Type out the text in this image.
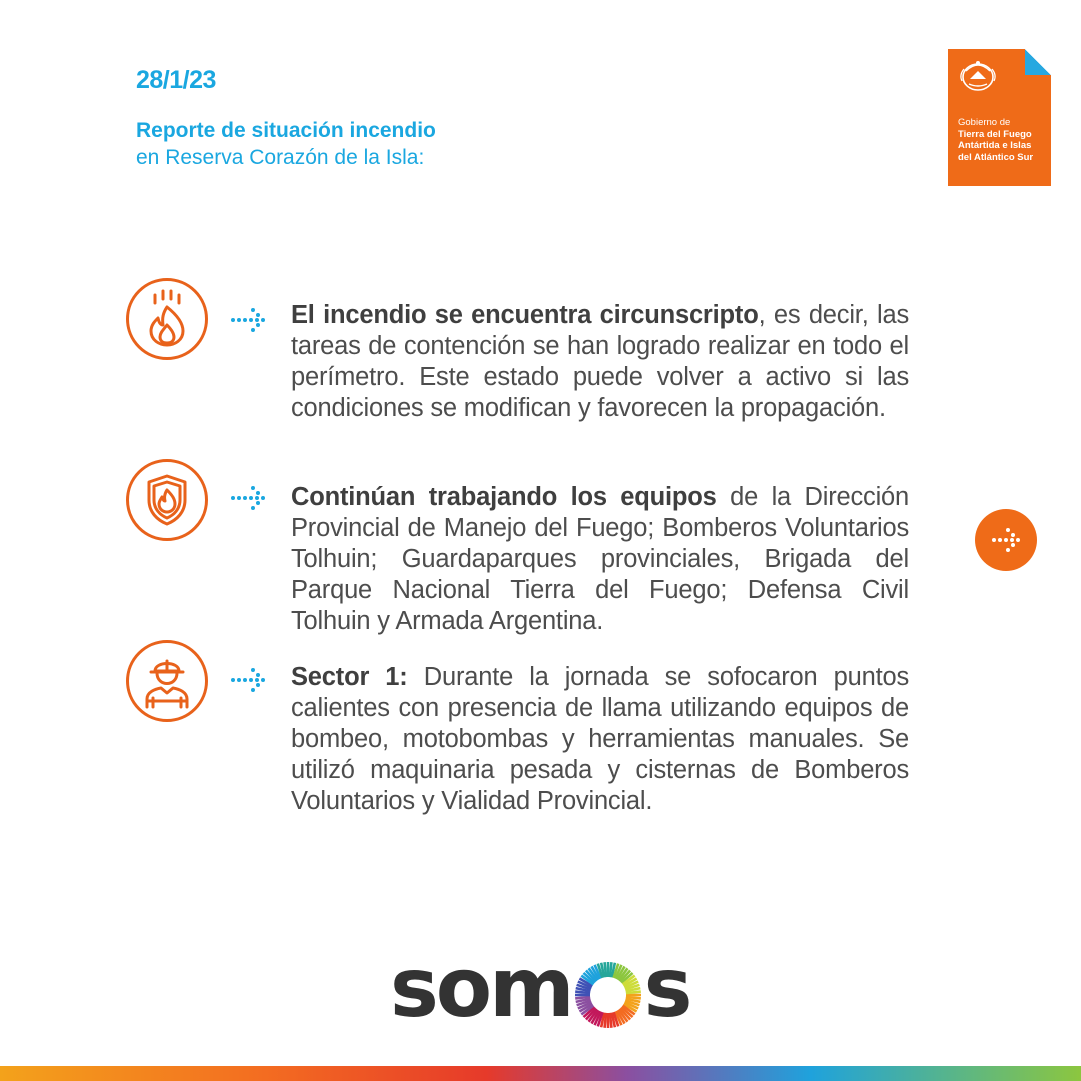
28/1/23
Reporte de situación incendio
en Reserva Corazón de la Isla:
Gobierno de
Tierra del Fuego
Antártida e Islas
del Atlántico Sur
El incendio se encuentra circunscripto, es decir, las tareas de contención se han logrado realizar en todo el perímetro. Este estado puede volver a activo si las condiciones se modifican y favorecen la propagación.
Continúan trabajando los equipos de la Dirección Provincial de Manejo del Fuego; Bomberos Voluntarios Tolhuin; Guardaparques provinciales, Brigada del Parque Nacional Tierra del Fuego; Defensa Civil Tolhuin y Armada Argentina.
Sector 1: Durante la jornada se sofocaron puntos calientes con presencia de llama utilizando equipos de bombeo, motobombas y herramientas manuales. Se utilizó maquinaria pesada y cisternas de Bomberos Voluntarios y Vialidad Provincial.
som s
